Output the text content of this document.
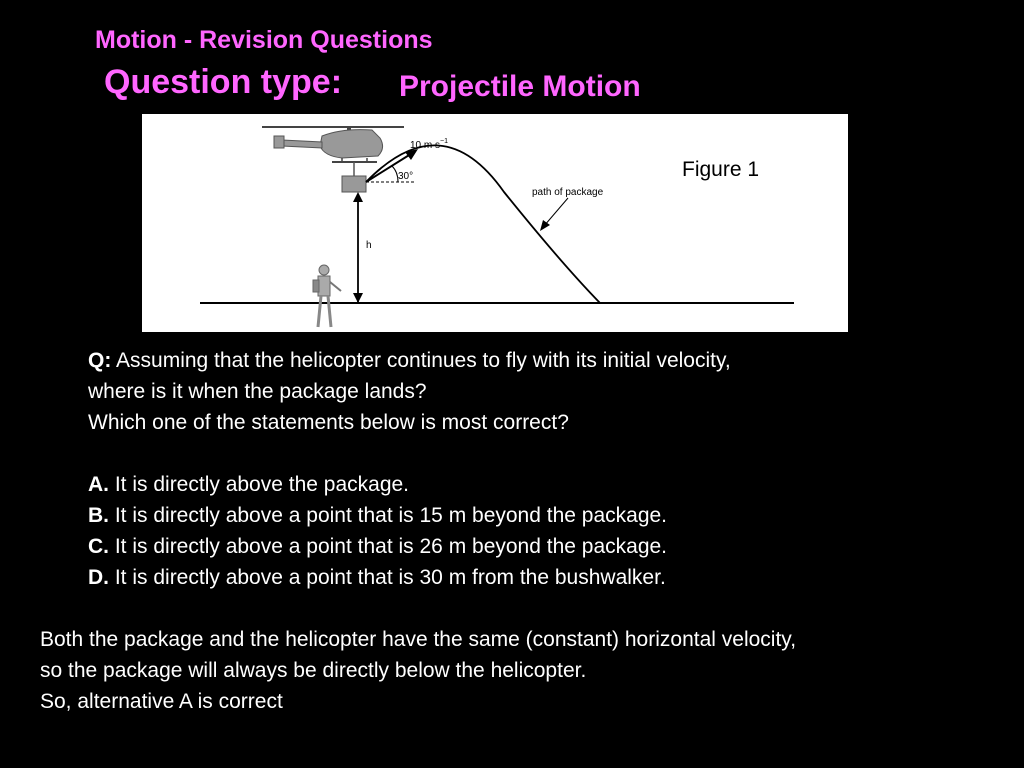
Motion - Revision Questions
Question type: Projectile Motion
10 m $s^{-1}$
30°
path of package
h
Figure 1
Q: Assuming that the helicopter continues to fly with its initial velocity,
where is it when the package lands?
Which one of the statements below is most correct?
A. It is directly above the package.
B. It is directly above a point that is 15 m beyond the package.
C. It is directly above a point that is 26 m beyond the package.
D. It is directly above a point that is 30 m from the bushwalker.
Both the package and the helicopter have the same (constant) horizontal velocity,
so the package will always be directly below the helicopter.
So, alternative A is correct
